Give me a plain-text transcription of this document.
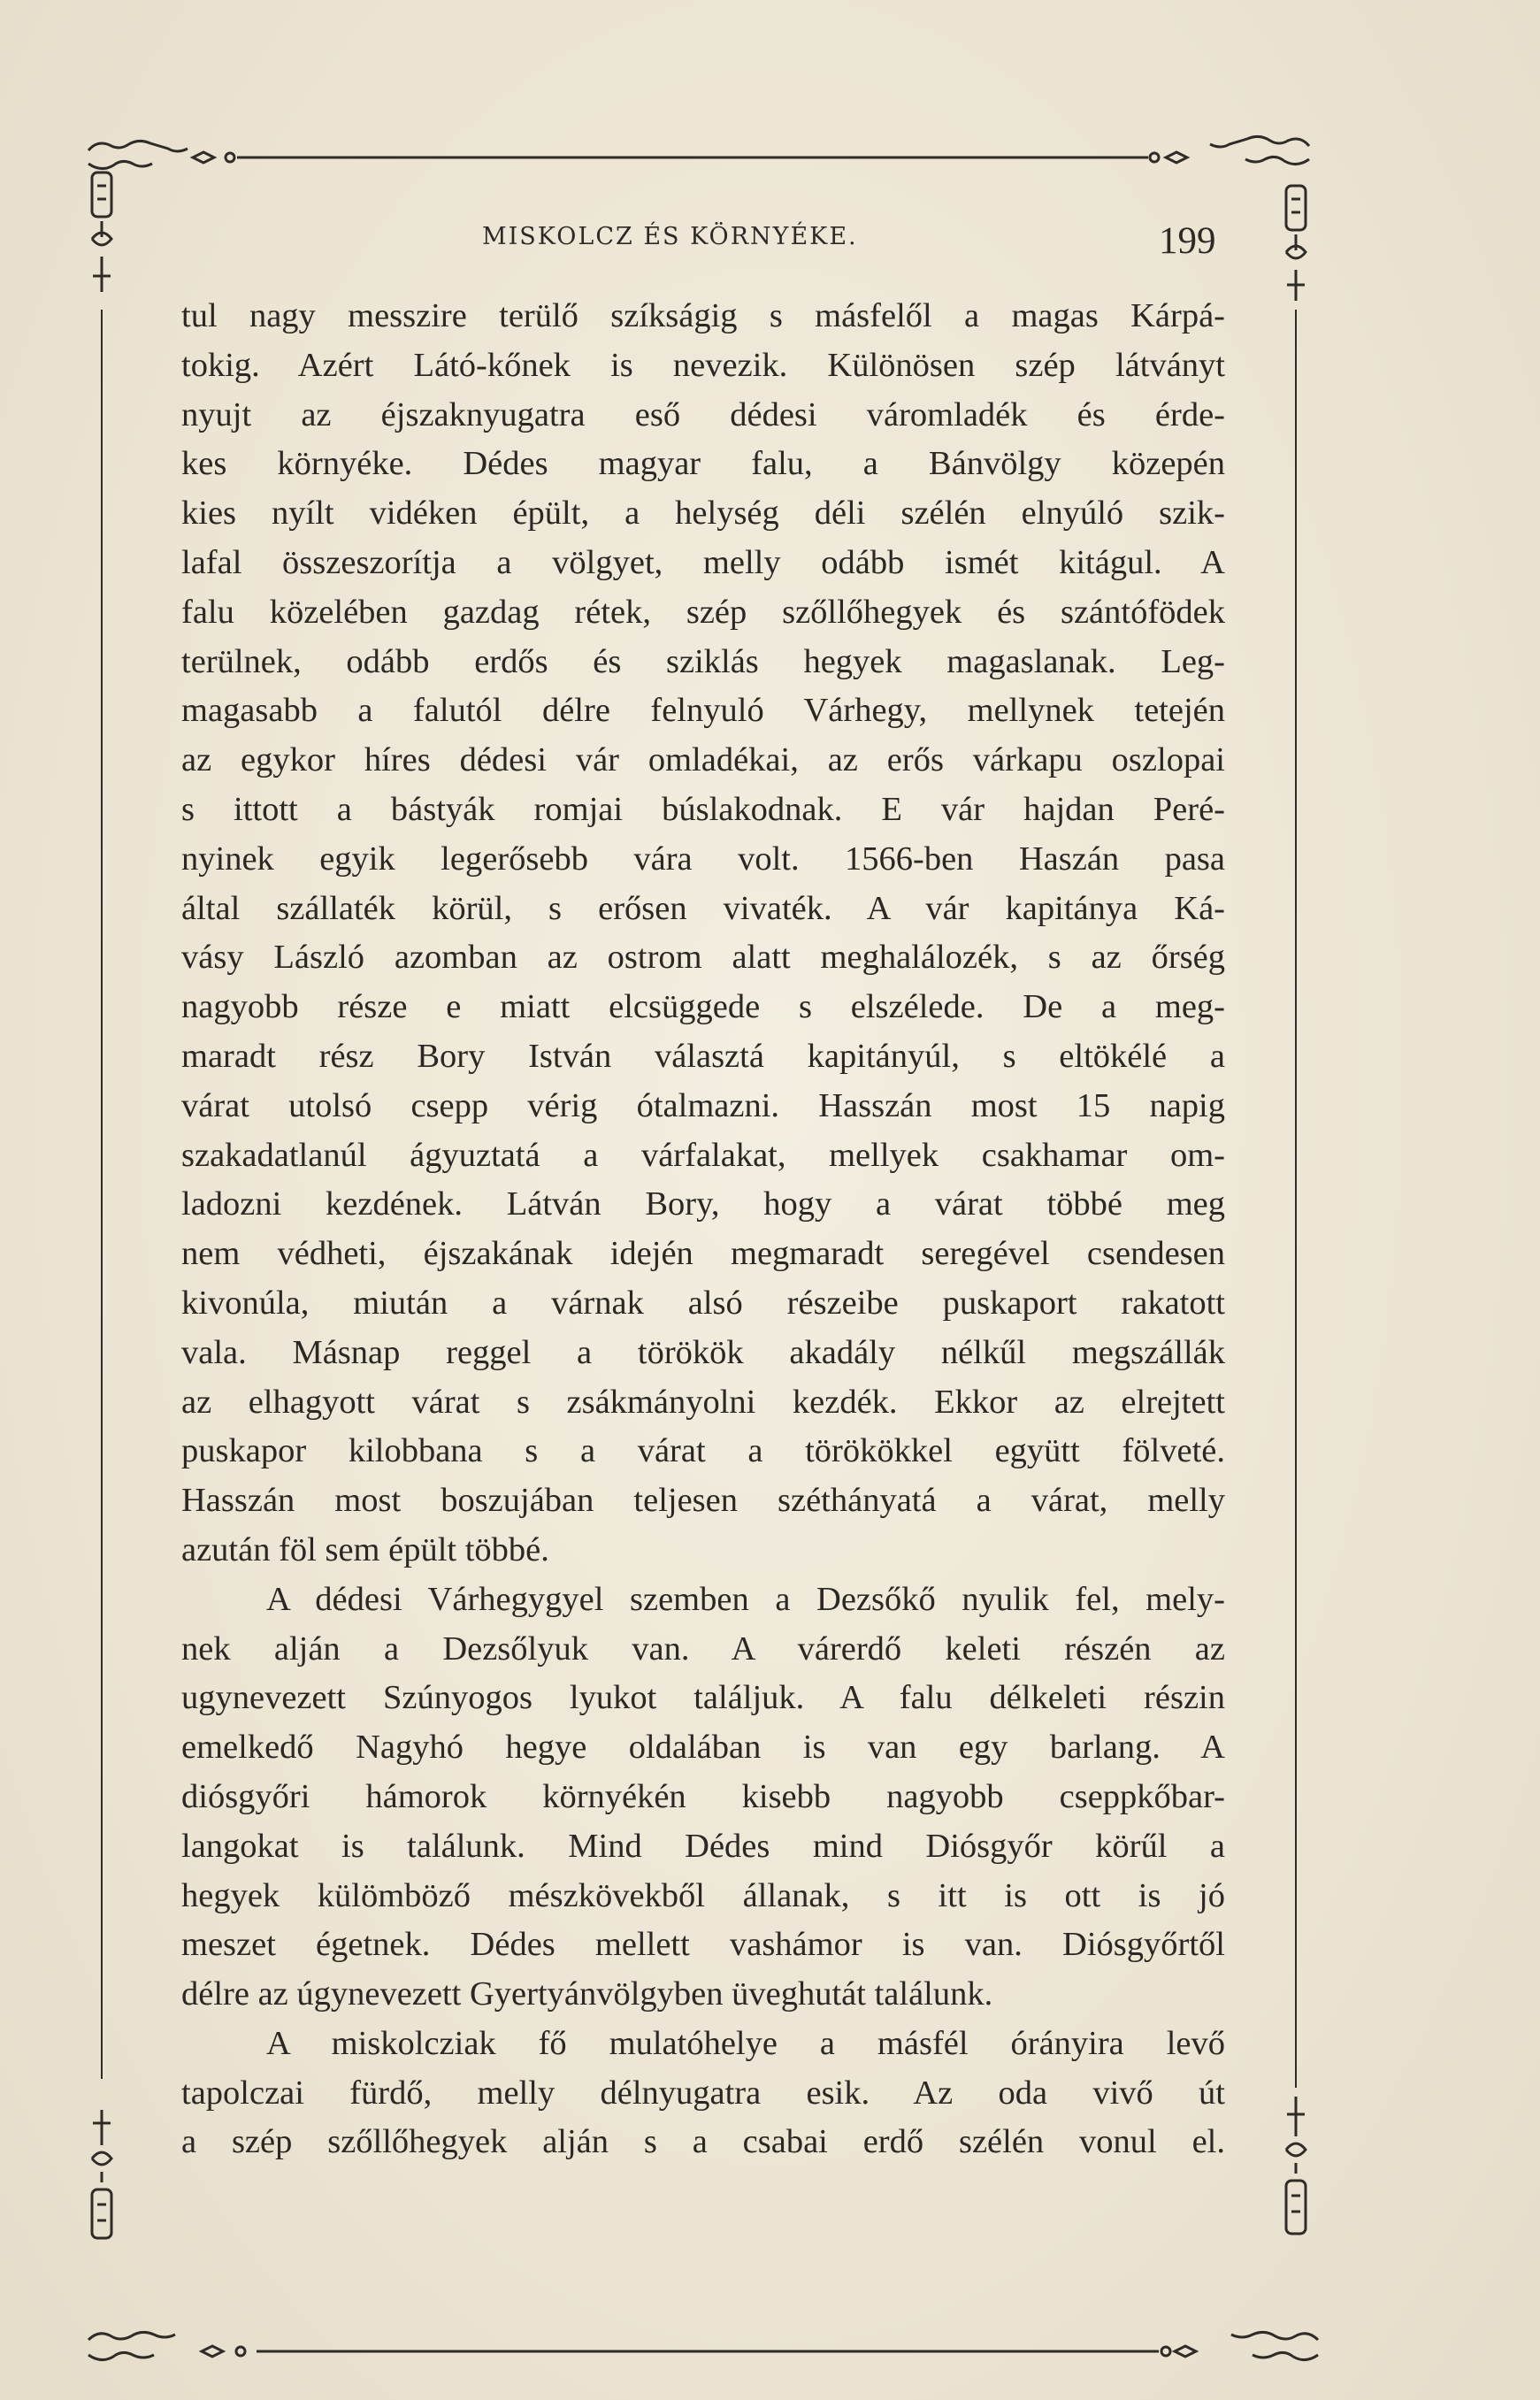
MISKOLCZ ÉS KÖRNYÉKE.	199
tul nagy messzire terülő szíkságig s másfelől a magas Kárpá-
tokig. Azért Látó-kőnek is nevezik. Különösen szép látványt
nyujt az éjszaknyugatra eső dédesi váromladék és érde-
kes környéke. Dédes magyar falu, a Bánvölgy közepén
kies nyílt vidéken épült, a helység déli szélén elnyúló szik-
lafal összeszorítja a völgyet, melly odább ismét kitágul. A
falu közelében gazdag rétek, szép szőllőhegyek és szántófödek
terülnek, odább erdős és sziklás hegyek magaslanak. Leg-
magasabb a falutól délre felnyuló Várhegy, mellynek tetején
az egykor híres dédesi vár omladékai, az erős várkapu oszlopai
s ittott a bástyák romjai búslakodnak. E vár hajdan Peré-
nyinek egyik legerősebb vára volt. 1566-ben Haszán pasa
által szállaték körül, s erősen vivaték. A vár kapitánya Ká-
vásy László azomban az ostrom alatt meghalálozék, s az őrség
nagyobb része e miatt elcsüggede s elszélede. De a meg-
maradt rész Bory István választá kapitányúl, s eltökélé a
várat utolsó csepp vérig ótalmazni. Hasszán most 15 napig
szakadatlanúl ágyuztatá a várfalakat, mellyek csakhamar om-
ladozni kezdének. Látván Bory, hogy a várat többé meg
nem védheti, éjszakának idején megmaradt seregével csendesen
kivonúla, miután a várnak alsó részeibe puskaport rakatott
vala. Másnap reggel a törökök akadály nélkűl megszállák
az elhagyott várat s zsákmányolni kezdék. Ekkor az elrejtett
puskapor kilobbana s a várat a törökökkel együtt fölveté.
Hasszán most boszujában teljesen széthányatá a várat, melly
azután föl sem épült többé.
A dédesi Várhegygyel szemben a Dezsőkő nyulik fel, mely-
nek alján a Dezsőlyuk van. A várerdő keleti részén az
ugynevezett Szúnyogos lyukot találjuk. A falu délkeleti részin
emelkedő Nagyhó hegye oldalában is van egy barlang. A
diósgyőri hámorok környékén kisebb nagyobb cseppkőbar-
langokat is találunk. Mind Dédes mind Diósgyőr körűl a
hegyek külömböző mészkövekből állanak, s itt is ott is jó
meszet égetnek. Dédes mellett vashámor is van. Diósgyőrtől
délre az úgynevezett Gyertyánvölgyben üveghutát találunk.
A miskolcziak fő mulatóhelye a másfél órányira levő
tapolczai fürdő, melly délnyugatra esik. Az oda vivő út
a szép szőllőhegyek alján s a csabai erdő szélén vonul el.
